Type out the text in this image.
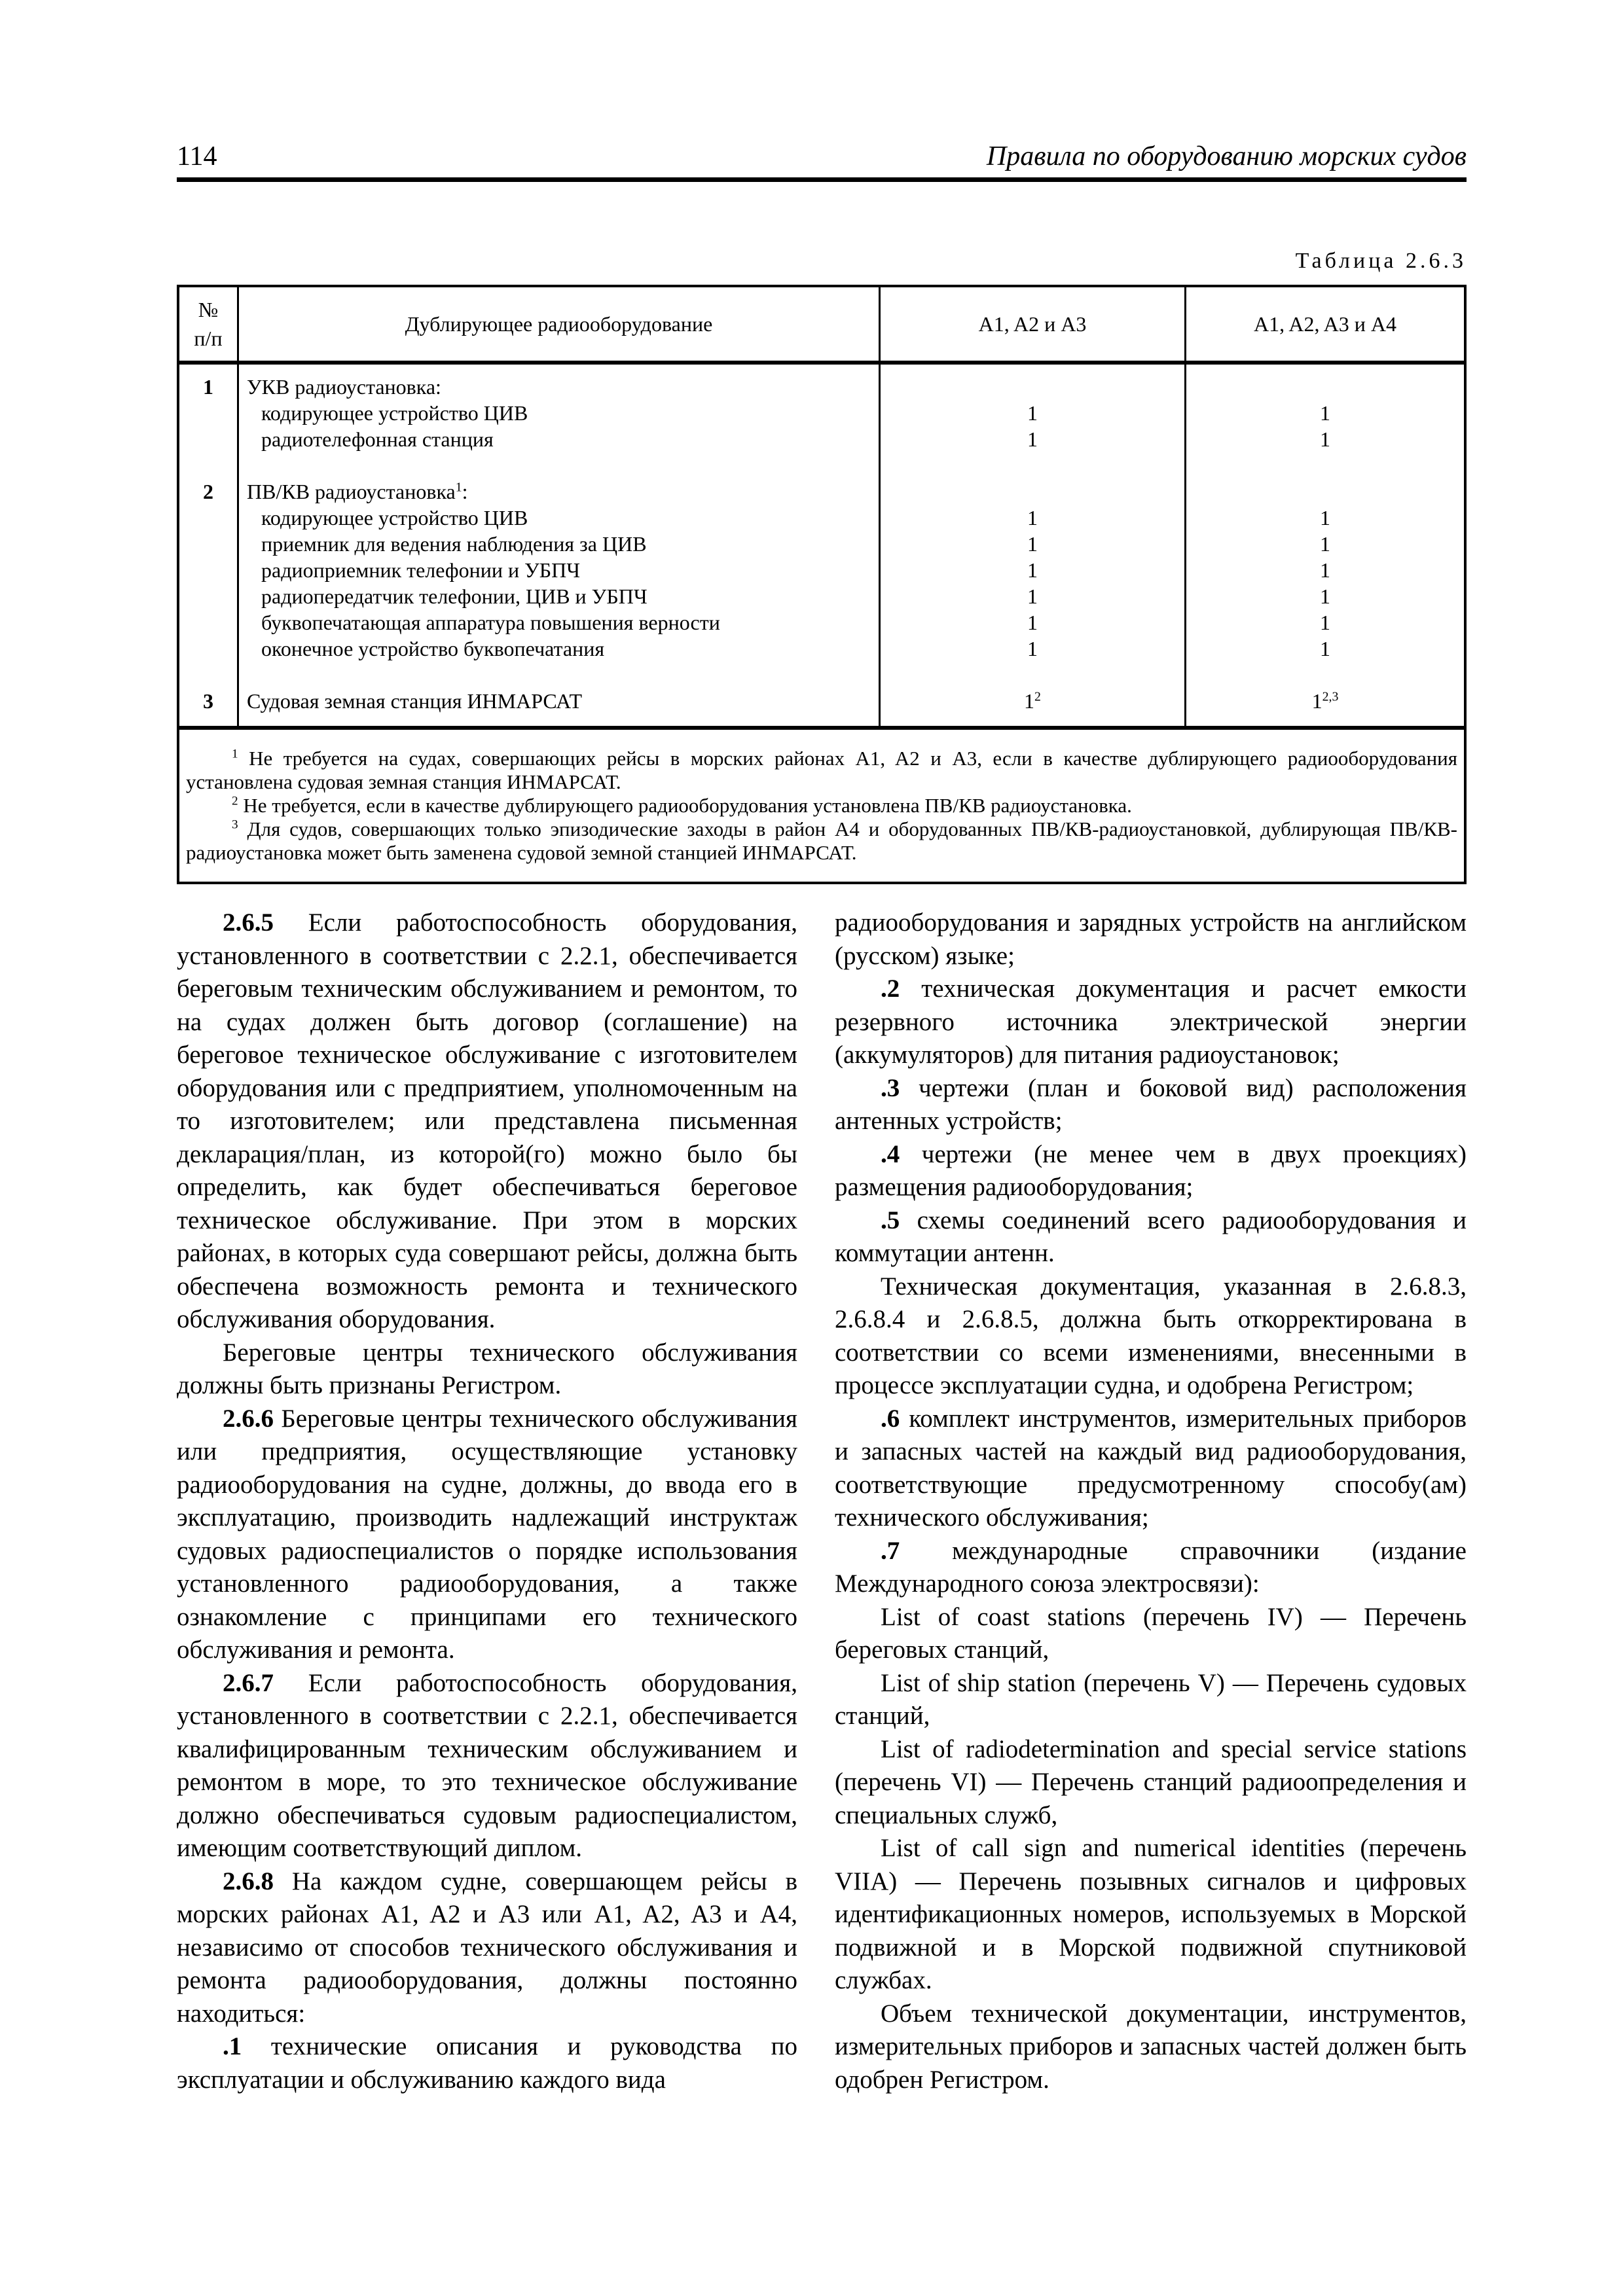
114	Правила по оборудованию морских судов
Таблица 2.6.3
№ п/п	Дублирующее радиооборудование	A1, A2 и A3	A1, A2, A3 и A4
1	УКВ радиоустановка:		
	кодирующее устройство ЦИВ	1	1
	радиотелефонная станция	1	1

2	ПВ/КВ радиоустановка$^1$:		
	кодирующее устройство ЦИВ	1	1
	приемник для ведения наблюдения за ЦИВ	1	1
	радиоприемник телефонии и УБПЧ	1	1
	радиопередатчик телефонии, ЦИВ и УБПЧ	1	1
	буквопечатающая аппаратура повышения верности	1	1
	оконечное устройство буквопечатания	1	1

3	Судовая земная станция ИНМАРСАТ	$1^2$	1$^{2,3}$

$^1$ Не требуется на судах, совершающих рейсы в морских районах A1, A2 и A3, если в качестве дублирующего радиооборудования установлена судовая земная станция ИНМАРСАТ.

$^2$ Не требуется, если в качестве дублирующего радиооборудования установлена ПВ/КВ радиоустановка.

$^3$ Для судов, совершающих только эпизодические заходы в район A4 и оборудованных ПВ/КВ-радиоустановкой, дублирующая ПВ/КВ-радиоустановка может быть заменена судовой земной станцией ИНМАРСАТ.			

2.6.5 Если работоспособность оборудования, установленного в соответствии с 2.2.1, обеспечивается береговым техническим обслуживанием и ремонтом, то на судах должен быть договор (соглашение) на береговое техническое обслуживание с изготовителем оборудования или с предприятием, уполномоченным на то изготовителем; или представлена письменная декларация/план, из которой(го) можно было бы определить, как будет обеспечиваться береговое техническое обслуживание. При этом в морских районах, в которых суда совершают рейсы, должна быть обеспечена возможность ремонта и технического обслуживания оборудования.

Береговые центры технического обслуживания должны быть признаны Регистром.

2.6.6 Береговые центры технического обслуживания или предприятия, осуществляющие установку радиооборудования на судне, должны, до ввода его в эксплуатацию, производить надлежащий инструктаж судовых радиоспециалистов о порядке использования установленного радиооборудования, а также ознакомление с принципами его технического обслуживания и ремонта.

2.6.7 Если работоспособность оборудования, установленного в соответствии с 2.2.1, обеспечивается квалифицированным техническим обслуживанием и ремонтом в море, то это техническое обслуживание должно обеспечиваться судовым радиоспециалистом, имеющим соответствующий диплом.

2.6.8 На каждом судне, совершающем рейсы в морских районах A1, A2 и A3 или A1, A2, A3 и A4, независимо от способов технического обслуживания и ремонта радиооборудования, должны постоянно находиться:

.1 технические описания и руководства по эксплуатации и обслуживанию каждого вида

радиооборудования и зарядных устройств на английском (русском) языке;

.2 техническая документация и расчет емкости резервного источника электрической энергии (аккумуляторов) для питания радиоустановок;

.3 чертежи (план и боковой вид) расположения антенных устройств;

.4 чертежи (не менее чем в двух проекциях) размещения радиооборудования;

.5 схемы соединений всего радиооборудования и коммутации антенн.

Техническая документация, указанная в 2.6.8.3, 2.6.8.4 и 2.6.8.5, должна быть откорректирована в соответствии со всеми изменениями, внесенными в процессе эксплуатации судна, и одобрена Регистром;

.6 комплект инструментов, измерительных приборов и запасных частей на каждый вид радиооборудования, соответствующие предусмотренному способу(ам) технического обслуживания;

.7 международные справочники (издание Международного союза электросвязи):

List of coast stations (перечень IV) — Перечень береговых станций,

List of ship station (перечень V) — Перечень судовых станций,

List of radiodetermination and special service stations (перечень VI) — Перечень станций радиоопределения и специальных служб,

List of call sign and numerical identities (перечень VIIA) — Перечень позывных сигналов и цифровых идентификационных номеров, используемых в Морской подвижной и в Морской подвижной спутниковой службах.

Объем технической документации, инструментов, измерительных приборов и запасных частей должен быть одобрен Регистром.
